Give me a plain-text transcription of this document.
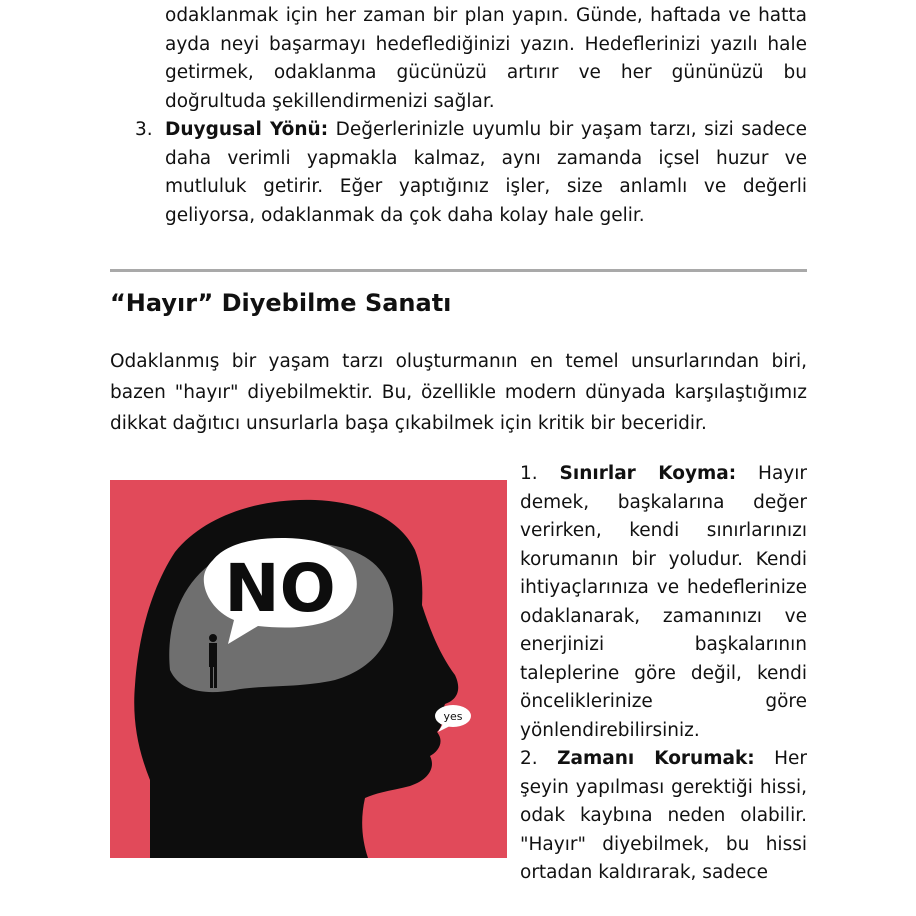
odaklanmak için her zaman bir plan yapın. Günde, haftada ve hatta ayda neyi başarmayı hedeflediğinizi yazın. Hedeflerinizi yazılı hale getirmek, odaklanma gücünüzü artırır ve her gününüzü bu doğrultuda şekillendirmenizi sağlar.
3. Duygusal Yönü: Değerlerinizle uyumlu bir yaşam tarzı, sizi sadece daha verimli yapmakla kalmaz, aynı zamanda içsel huzur ve mutluluk getirir. Eğer yaptığınız işler, size anlamlı ve değerli geliyorsa, odaklanmak da çok daha kolay hale gelir.
“Hayır” Diyebilme Sanatı
Odaklanmış bir yaşam tarzı oluşturmanın en temel unsurlarından biri, bazen "hayır" diyebilmektir. Bu, özellikle modern dünyada karşılaştığımız dikkat dağıtıcı unsurlarla başa çıkabilmek için kritik bir beceridir.
NO
yes

1. Sınırlar Koyma: Hayır demek, başkalarına değer verirken, kendi sınırlarınızı korumanın bir yoludur. Kendi ihtiyaçlarınıza ve hedeflerinize odaklanarak, zamanınızı ve enerjinizi başkalarının taleplerine göre değil, kendi önceliklerinize göre yönlendirebilirsiniz.

2. Zamanı Korumak: Her şeyin yapılması gerektiği hissi, odak kaybına neden olabilir. "Hayır" diyebilmek, bu hissi ortadan kaldırarak, sadece
